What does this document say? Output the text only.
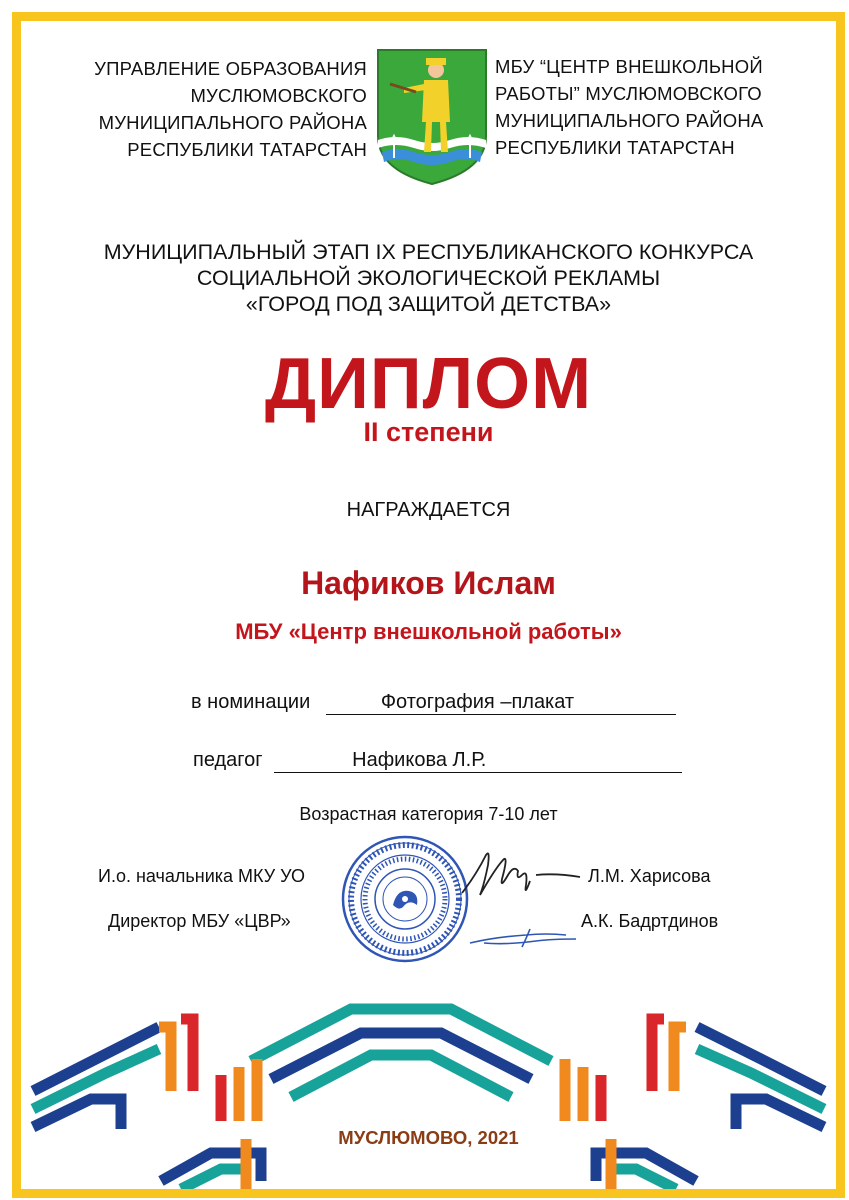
УПРАВЛЕНИЕ ОБРАЗОВАНИЯ
МУСЛЮМОВСКОГО
МУНИЦИПАЛЬНОГО РАЙОНА
РЕСПУБЛИКИ ТАТАРСТАН
МБУ “ЦЕНТР ВНЕШКОЛЬНОЙ
РАБОТЫ” МУСЛЮМОВСКОГО
МУНИЦИПАЛЬНОГО РАЙОНА
РЕСПУБЛИКИ ТАТАРСТАН
МУНИЦИПАЛЬНЫЙ ЭТАП IX РЕСПУБЛИКАНСКОГО КОНКУРСА
СОЦИАЛЬНОЙ ЭКОЛОГИЧЕСКОЙ РЕКЛАМЫ
«ГОРОД ПОД ЗАЩИТОЙ ДЕТСТВА»
ДИПЛОМ
II степени
НАГРАЖДАЕТСЯ
Нафиков Ислам
МБУ «Центр внешкольной работы»
в номинации	Фотография –плакат
педагог	Нафикова Л.Р.
Возрастная категория 7-10 лет
И.о. начальника МКУ УО	Л.М. Харисова
Директор МБУ «ЦВР»	А.К. Бадртдинов
МУСЛЮМОВО, 2021
